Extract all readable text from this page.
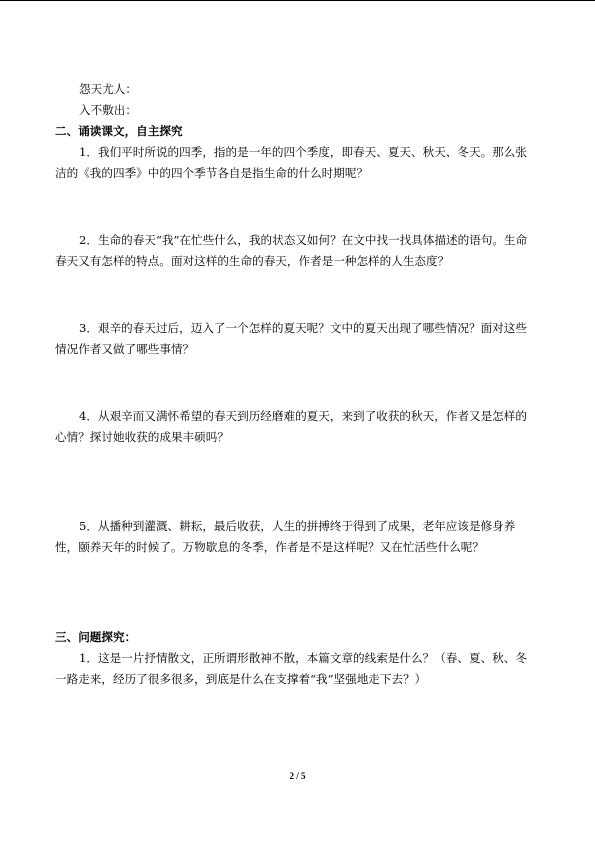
怨天尤人：
入不敷出：
二、诵读课文，自主探究
1．我们平时所说的四季，指的是一年的四个季度，即春天、夏天、秋天、冬天。那么张
洁的《我的四季》中的四个季节各自是指生命的什么时期呢？
2．生命的春天“我”在忙些什么，我的状态又如何？在文中找一找具体描述的语句。生命
春天又有怎样的特点。面对这样的生命的春天，作者是一种怎样的人生态度？
3．艰辛的春天过后，迈入了一个怎样的夏天呢？文中的夏天出现了哪些情况？面对这些
情况作者又做了哪些事情？
4．从艰辛而又满怀希望的春天到历经磨难的夏天，来到了收获的秋天，作者又是怎样的
心情？探讨她收获的成果丰硕吗？
5．从播种到灌溉、耕耘，最后收获，人生的拼搏终于得到了成果，老年应该是修身养
性，颐养天年的时候了。万物歇息的冬季，作者是不是这样呢？又在忙活些什么呢？
三、问题探究：
1．这是一片抒情散文，正所谓形散神不散，本篇文章的线索是什么？（春、夏、秋、冬
一路走来，经历了很多很多，到底是什么在支撑着“我”坚强地走下去？）
2 / 5
